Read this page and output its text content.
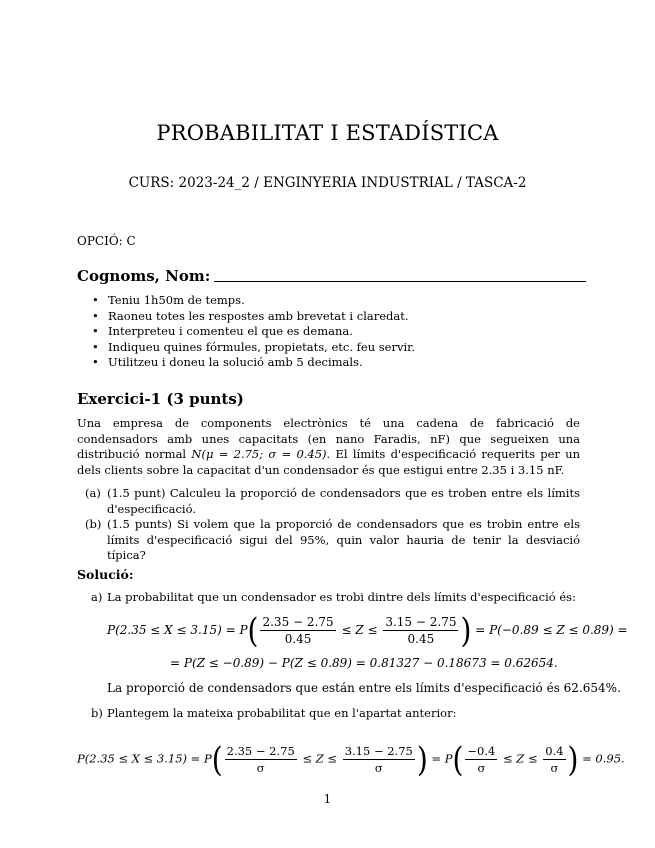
PROBABILITAT I ESTADÍSTICA
CURS: 2023-24_2 / ENGINYERIA INDUSTRIAL / TASCA-2
OPCIÓ: C
Cognoms, Nom:
• Teniu 1h50m de temps.
• Raoneu totes les respostes amb brevetat i claredat.
• Interpreteu i comenteu el que es demana.
• Indiqueu quines fórmules, propietats, etc. feu servir.
• Utilitzeu i doneu la solució amb 5 decimals.
Exercici-1 (3 punts)
Una empresa de components electrònics té una cadena de fabricació de condensadors amb unes capacitats (en nano Faradis, nF) que segueixen una distribució normal N(μ = 2.75; σ = 0.45). El límits d'especificació requerits per un dels clients sobre la capacitat d'un condensador és que estigui entre 2.35 i 3.15 nF.
(a) (1.5 punt) Calculeu la proporció de condensadors que es troben entre els límits d'especificació.
(b) (1.5 punts) Si volem que la proporció de condensadors que es trobin entre els límits d'especificació sigui del 95%, quin valor hauria de tenir la desviació típica?
Solució:
a) La probabilitat que un condensador es trobi dintre dels límits d'especificació és:
$P(2.35 \le X \le 3.15) = P( \frac{2.35 - 2.75}{0.45} \le Z \le \frac{3.15 - 2.75}{0.45}$ ) = P(−0.89 ≤ Z ≤ 0.89) =
= P(Z ≤ −0.89) − P(Z ≤ 0.89) = 0.81327 − 0.18673 = 0.62654.
La proporció de condensadors que están entre els límits d'especificació és 62.654%.
b) Plantegem la mateixa probabilitat que en l'apartat anterior:
$P(2.35 \le X \le 3.15) = P( \frac{2.35 - 2.75}{\sigma} \le Z \le \frac{3.15 - 2.75}{\sigma}$ ) = $P( \frac{-0.4}{\sigma} \le Z \le \frac{0.4}{\sigma}$ ) = 0.95.
1
